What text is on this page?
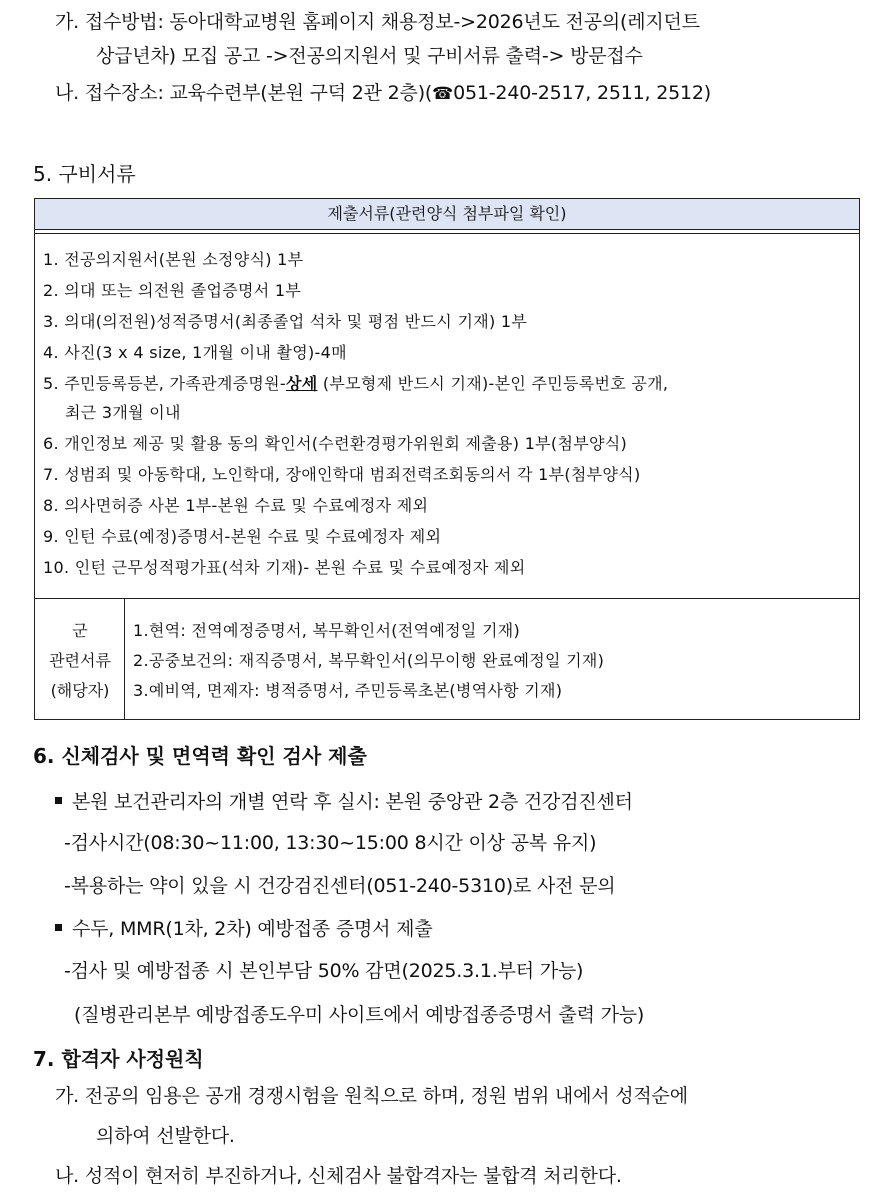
가. 접수방법: 동아대학교병원 홈페이지 채용정보->2026년도 전공의(레지던트
상급년차) 모집 공고 ->전공의지원서 및 구비서류 출력-> 방문접수
나. 접수장소: 교육수련부(본원 구덕 2관 2층)(☎051-240-2517, 2511, 2512)
5. 구비서류
제출서류(관련양식 첨부파일 확인)
1. 전공의지원서(본원 소정양식) 1부
2. 의대 또는 의전원 졸업증명서 1부
3. 의대(의전원)성적증명서(최종졸업 석차 및 평점 반드시 기재) 1부
4. 사진(3 x 4 size, 1개월 이내 촬영)-4매
5. 주민등록등본, 가족관계증명원-상세 (부모형제 반드시 기재)-본인 주민등록번호 공개,
최근 3개월 이내
6. 개인정보 제공 및 활용 동의 확인서(수련환경평가위원회 제출용) 1부(첨부양식)
7. 성범죄 및 아동학대, 노인학대, 장애인학대 범죄전력조회동의서 각 1부(첨부양식)
8. 의사면허증 사본 1부-본원 수료 및 수료예정자 제외
9. 인턴 수료(예정)증명서-본원 수료 및 수료예정자 제외
10. 인턴 근무성적평가표(석차 기재)- 본원 수료 및 수료예정자 제외
군
관련서류
(해당자)
1.현역: 전역예정증명서, 복무확인서(전역예정일 기재)
2.공중보건의: 재직증명서, 복무확인서(의무이행 완료예정일 기재)
3.예비역, 면제자: 병적증명서, 주민등록초본(병역사항 기재)
6. 신체검사 및 면역력 확인 검사 제출
본원 보건관리자의 개별 연락 후 실시: 본원 중앙관 2층 건강검진센터
-검사시간(08:30~11:00, 13:30~15:00 8시간 이상 공복 유지)
-복용하는 약이 있을 시 건강검진센터(051-240-5310)로 사전 문의
수두, MMR(1차, 2차) 예방접종 증명서 제출
-검사 및 예방접종 시 본인부담 50% 감면(2025.3.1.부터 가능)
(질병관리본부 예방접종도우미 사이트에서 예방접종증명서 출력 가능)
7. 합격자 사정원칙
가. 전공의 임용은 공개 경쟁시험을 원칙으로 하며, 정원 범위 내에서 성적순에
의하여 선발한다.
나. 성적이 현저히 부진하거나, 신체검사 불합격자는 불합격 처리한다.
